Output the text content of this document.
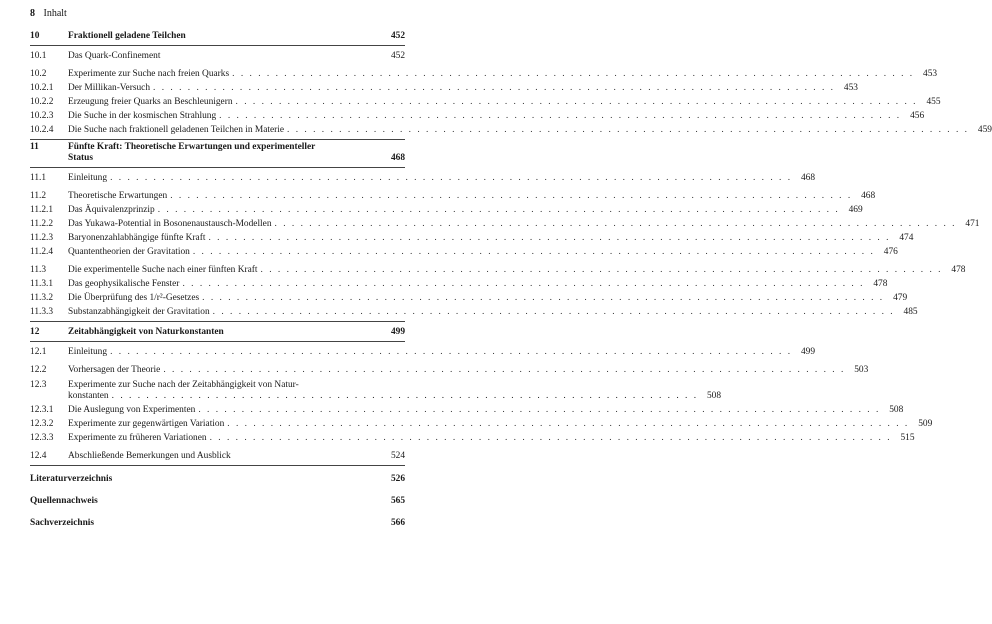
8 Inhalt
10	Fraktionell geladene Teilchen	452
10.1	Das Quark-Confinement	452
10.2	Experimente zur Suche nach freien Quarks . . .	453
10.2.1	Der Millikan-Versuch . . .	453
10.2.2	Erzeugung freier Quarks an Beschleunigern . . .	455
10.2.3	Die Suche in der kosmischen Strahlung . . .	456
10.2.4	Die Suche nach fraktionell geladenen Teilchen in Materie . . .	459
11	Fünfte Kraft: Theoretische Erwartungen und experimenteller
Status	468
11.1	Einleitung . . .	468
11.2	Theoretische Erwartungen . . .	468
11.2.1	Das Äquivalenzprinzip . . .	469
11.2.2	Das Yukawa-Potential in Bosonenaustausch-Modellen . . .	471
11.2.3	Baryonenzahlabhängige fünfte Kraft . . .	474
11.2.4	Quantentheorien der Gravitation . . .	476
11.3	Die experimentelle Suche nach einer fünften Kraft . . .	478
11.3.1	Das geophysikalische Fenster . . .	478
11.3.2	Die Überprüfung des 1/r²-Gesetzes . . .	479
11.3.3	Substanzabhängigkeit der Gravitation . . .	485
12	Zeitabhängigkeit von Naturkonstanten	499
12.1	Einleitung . . .	499
12.2	Vorhersagen der Theorie . . .	503
12.3	Experimente zur Suche nach der Zeitabhängigkeit von Natur-
konstanten . . .	508
12.3.1	Die Auslegung von Experimenten . . .	508
12.3.2	Experimente zur gegenwärtigen Variation . . .	509
12.3.3	Experimente zu früheren Variationen . . .	515
12.4	Abschließende Bemerkungen und Ausblick	524
Literaturverzeichnis	526
Quellennachweis	565
Sachverzeichnis	566
